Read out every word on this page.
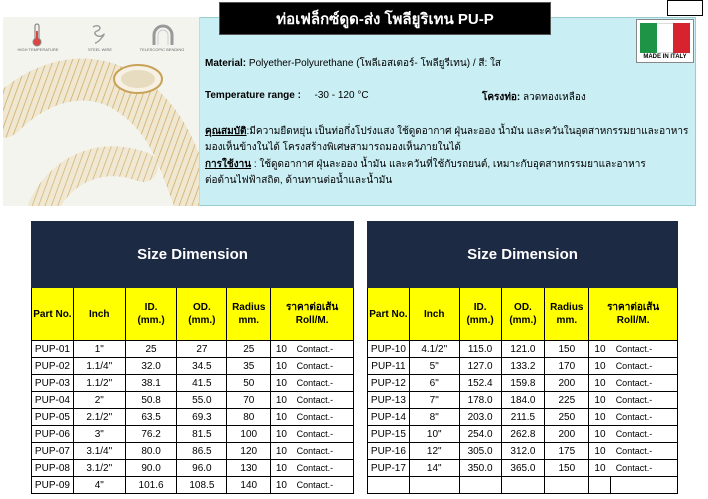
HIGH TEMPERATURE	STEEL WIRE	TELESCOPIC BENDING
ท่อเฟล็กซ์ดูด-ส่ง โพลียูริเทน PU-P
MADE IN ITALY
Material: Polyether-Polyurethane (โพลีเอสเตอร์- โพลียูรีเทน) / สี: ใส
Temperature range : -30 - 120 °C	โครงท่อ: ลวดทองเหลือง
คุณสมบัติ:มีความยืดหยุ่น เป็นท่อกึ่งโปร่งแสง ใช้ดูดอากาศ ฝุ่นละออง น้ำมัน และควันในอุตสาหกรรมยาและอาหาร
มองเห็นข้างในได้ โครงสร้างพิเศษสามารถมองเห็นภายในได้
การใช้งาน : ใช้ดูดอากาศ ฝุ่นละออง น้ำมัน และควันที่ใช้กับรถยนต์, เหมาะกับอุตสาหกรรมยาและอาหาร
ต่อต้านไฟฟ้าสถิต, ด้านทานต่อน้ำและน้ำมัน
Size Dimension						
Part No.	Inch	ID.
(mm.)	OD.
(mm.)	Radius
mm.	ราคาต่อเส้น
Roll/M.	
PUP-01	1"	25	27	25	10	Contact.-
PUP-02	1.1/4"	32.0	34.5	35	10	Contact.-
PUP-03	1.1/2"	38.1	41.5	50	10	Contact.-
PUP-04	2"	50.8	55.0	70	10	Contact.-
PUP-05	2.1/2"	63.5	69.3	80	10	Contact.-
PUP-06	3"	76.2	81.5	100	10	Contact.-
PUP-07	3.1/4"	80.0	86.5	120	10	Contact.-
PUP-08	3.1/2"	90.0	96.0	130	10	Contact.-
PUP-09	4"	101.6	108.5	140	10	Contact.-
Size Dimension						
Part No.	Inch	ID.
(mm.)	OD.
(mm.)	Radius
mm.	ราคาต่อเส้น
Roll/M.	
PUP-10	4.1/2"	115.0	121.0	150	10	Contact.-
PUP-11	5"	127.0	133.2	170	10	Contact.-
PUP-12	6"	152.4	159.8	200	10	Contact.-
PUP-13	7"	178.0	184.0	225	10	Contact.-
PUP-14	8"	203.0	211.5	250	10	Contact.-
PUP-15	10"	254.0	262.8	200	10	Contact.-
PUP-16	12"	305.0	312.0	175	10	Contact.-
PUP-17	14"	350.0	365.0	150	10	Contact.-
